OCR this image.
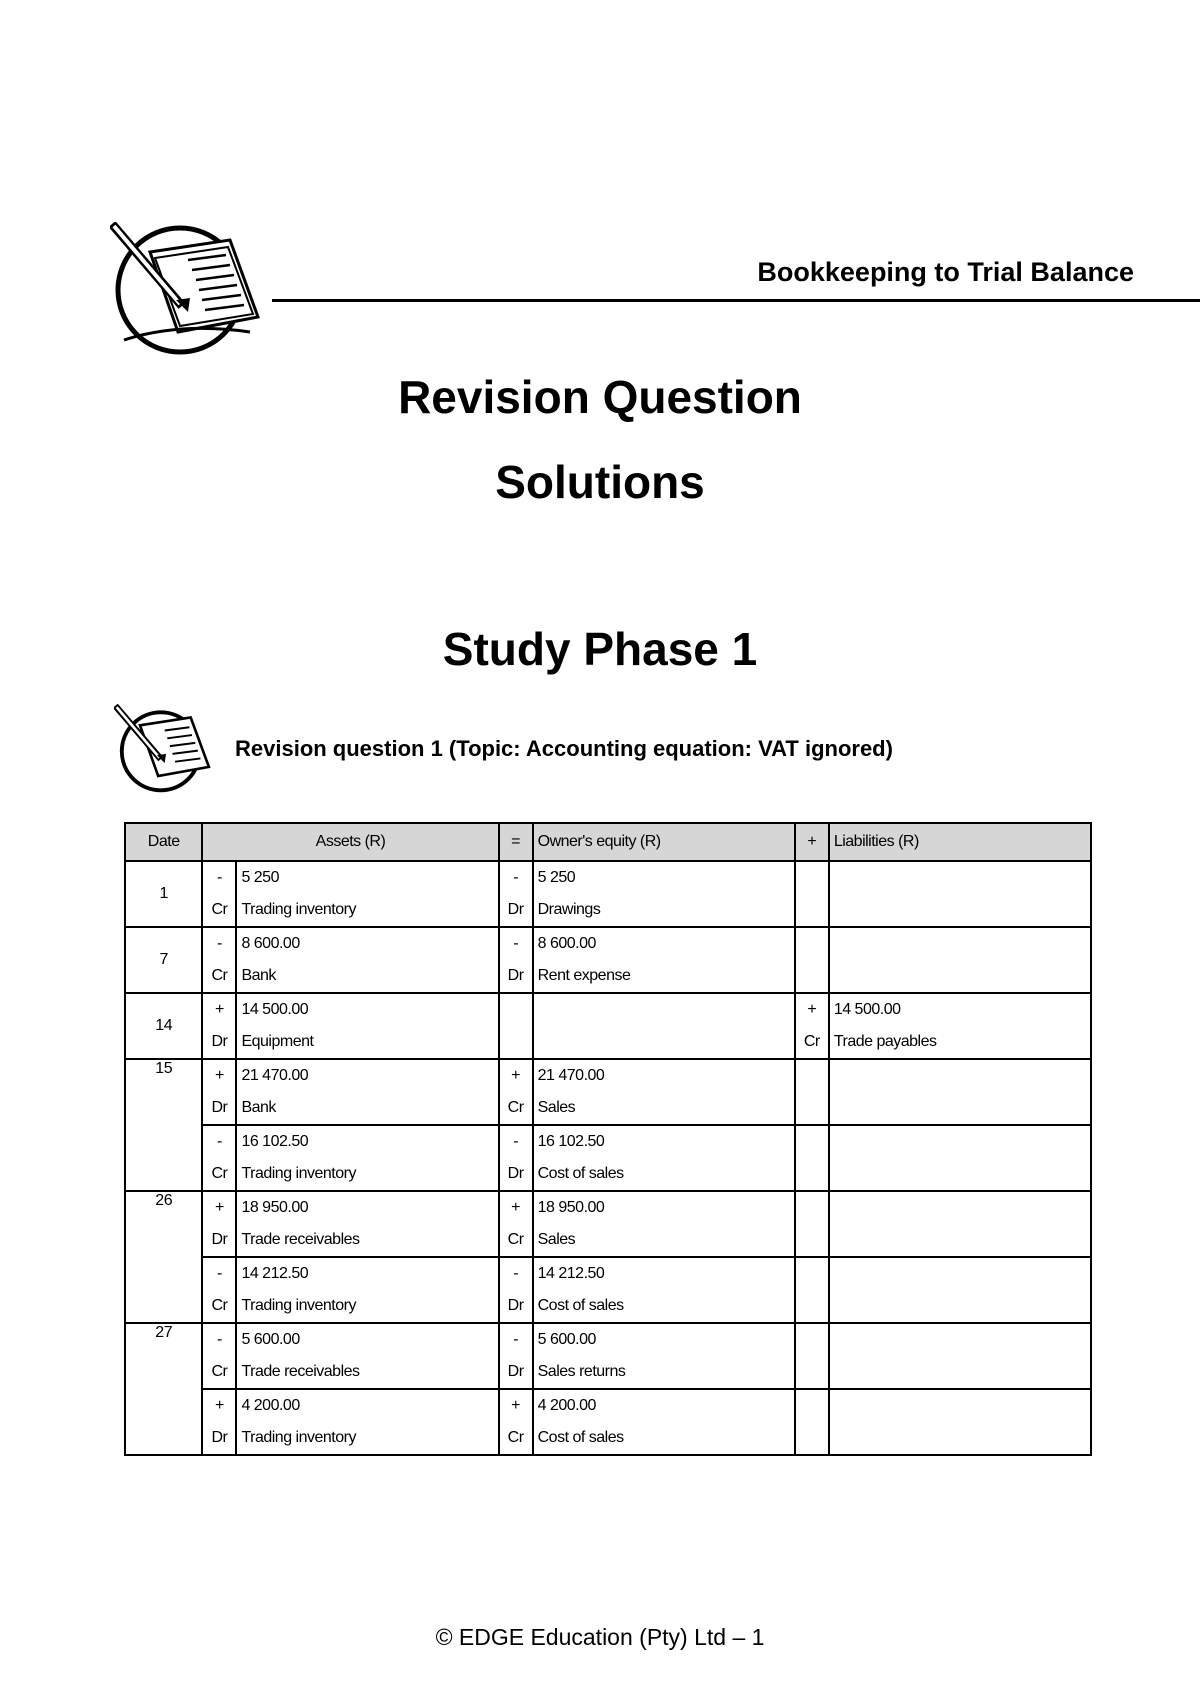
Bookkeeping to Trial Balance
Revision Question
Solutions
Study Phase 1
Revision question 1 (Topic: Accounting equation: VAT ignored)
Date	Assets (R)		=	Owner's equity (R)	+	Liabilities (R)
1	-	5 250	-	5 250		
	Cr	Trading inventory	Dr	Drawings		
7	-	8 600.00	-	8 600.00		
	Cr	Bank	Dr	Rent expense		
14	+	14 500.00			+	14 500.00
	Dr	Equipment			Cr	Trade payables
15	+	21 470.00	+	21 470.00		
	Dr	Bank	Cr	Sales		
	-	16 102.50	-	16 102.50		
	Cr	Trading inventory	Dr	Cost of sales		
26	+	18 950.00	+	18 950.00		
	Dr	Trade receivables	Cr	Sales		
	-	14 212.50	-	14 212.50		
	Cr	Trading inventory	Dr	Cost of sales		
27	-	5 600.00	-	5 600.00		
	Cr	Trade receivables	Dr	Sales returns		
	+	4 200.00	+	4 200.00		
	Dr	Trading inventory	Cr	Cost of sales		
© EDGE Education (Pty) Ltd – 1
